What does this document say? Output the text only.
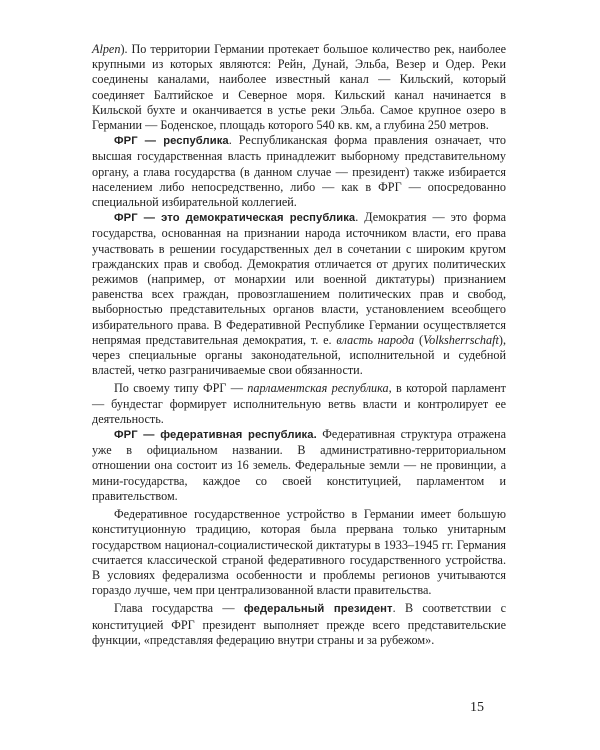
Alpen). По территории Германии протекает большое количество рек, наиболее крупными из которых являются: Рейн, Дунай, Эльба, Везер и Одер. Реки соединены каналами, наиболее известный канал — Кильский, который соединяет Балтийское и Северное моря. Кильский канал начинается в Кильской бухте и оканчивается в устье реки Эльба. Самое крупное озеро в Германии — Боденское, площадь которого 540 кв. км, а глубина 250 метров.

ФРГ — республика. Республиканская форма правления означает, что высшая государственная власть принадлежит выборному представительному органу, а глава государства (в данном случае — президент) также избирается населением либо непосредственно, либо — как в ФРГ — опосредованно специальной избирательной коллегией.

ФРГ — это демократическая республика. Демократия — это форма государства, основанная на признании народа источником власти, его права участвовать в решении государственных дел в сочетании с широким кругом гражданских прав и свобод. Демократия отличается от других политических режимов (например, от монархии или военной диктатуры) признанием равенства всех граждан, провозглашением политических прав и свобод, выборностью представительных органов власти, установлением всеобщего избирательного права. В Федеративной Республике Германии осуществляется непрямая представительная демократия, т. е. власть народа (Volksherrschaft), через специальные органы законодательной, исполнительной и судебной властей, четко разграничиваемые свои обязанности.

По своему типу ФРГ — парламентская республика, в которой парламент — бундестаг формирует исполнительную ветвь власти и контролирует ее деятельность.

ФРГ — федеративная республика. Федеративная структура отражена уже в официальном названии. В административно-территориальном отношении она состоит из 16 земель. Федеральные земли — не провинции, а мини-государства, каждое со своей конституцией, парламентом и правительством.

Федеративное государственное устройство в Германии имеет большую конституционную традицию, которая была прервана только унитарным государством национал-социалистической диктатуры в 1933–1945 гг. Германия считается классической страной федеративного государственного устройства. В условиях федерализма особенности и проблемы регионов учитываются гораздо лучше, чем при централизованной власти правительства.

Глава государства — федеральный президент. В соответствии с конституцией ФРГ президент выполняет прежде всего представительские функции, «представляя федерацию внутри страны и за рубежом».

15
